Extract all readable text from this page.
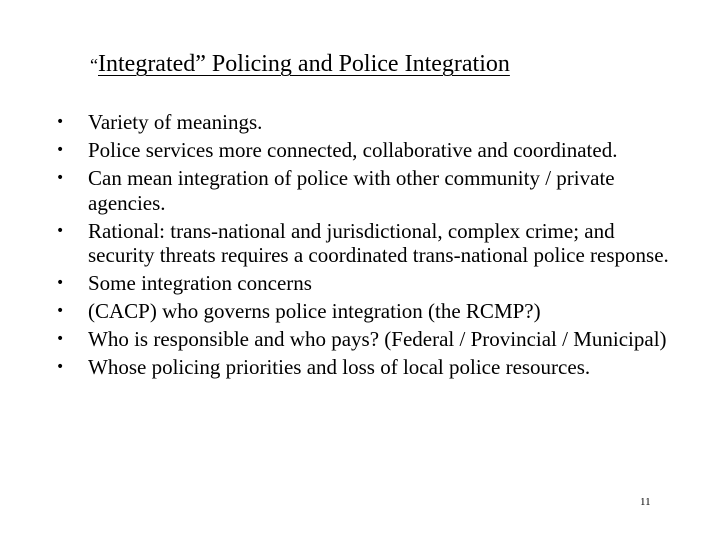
“Integrated” Policing and Police Integration
•	Variety of meanings.
•	Police services more connected, collaborative and coordinated.
•	Can mean integration of police with other community / private agencies.
•	Rational: trans-national and jurisdictional, complex crime; and security threats requires a coordinated trans-national police response.
•	Some integration concerns
•	(CACP) who governs police integration (the RCMP?)
•	Who is responsible and who pays? (Federal / Provincial / Municipal)
•	Whose policing priorities and loss of local police resources.
11
